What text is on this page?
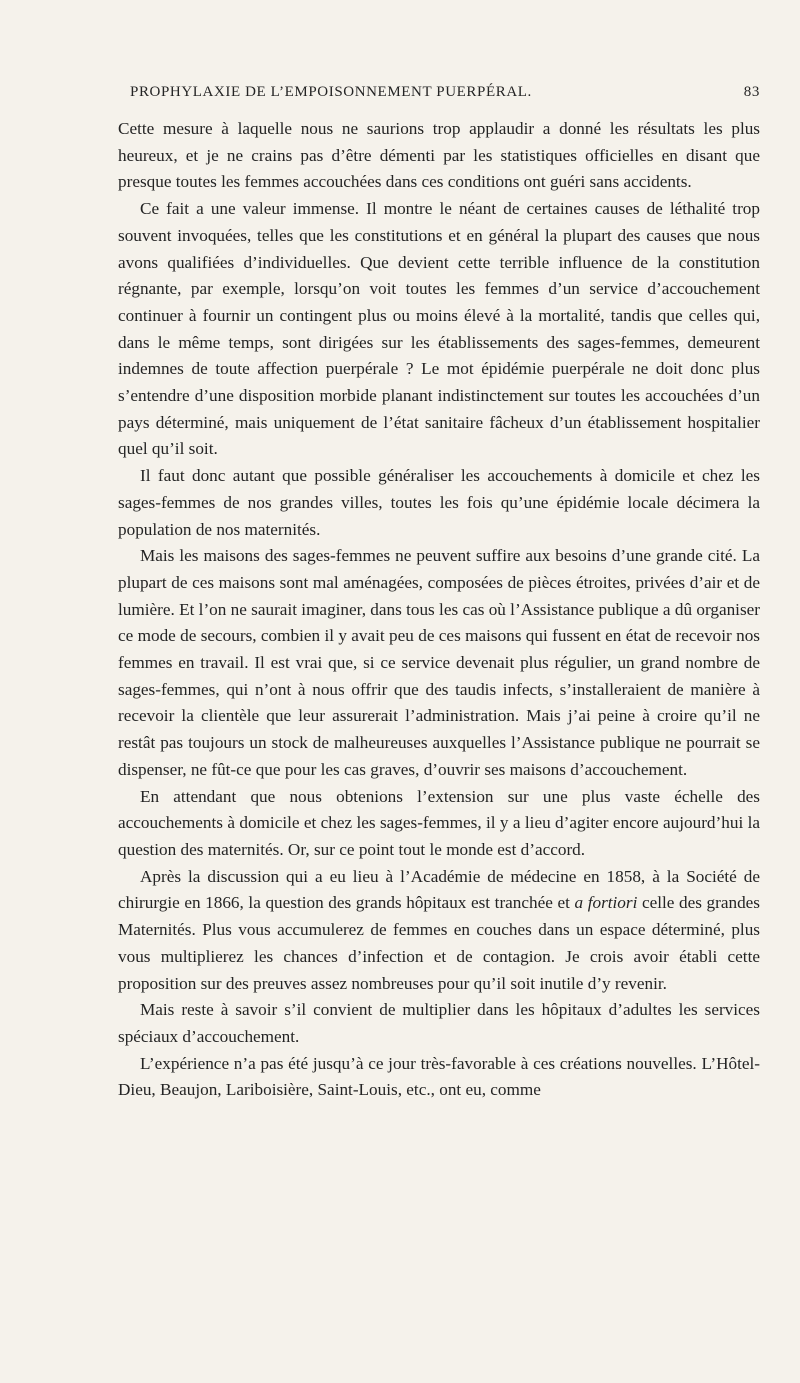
PROPHYLAXIE DE L’EMPOISONNEMENT PUERPÉRAL.	83

Cette mesure à laquelle nous ne saurions trop applaudir a donné les résultats les plus heureux, et je ne crains pas d’être démenti par les statistiques officielles en disant que presque toutes les femmes accouchées dans ces conditions ont guéri sans accidents.

Ce fait a une valeur immense. Il montre le néant de certaines causes de léthalité trop souvent invoquées, telles que les constitutions et en général la plupart des causes que nous avons qualifiées d’individuelles. Que devient cette terrible influence de la constitution régnante, par exemple, lorsqu’on voit toutes les femmes d’un service d’accouchement continuer à fournir un contingent plus ou moins élevé à la mortalité, tandis que celles qui, dans le même temps, sont dirigées sur les établissements des sages-femmes, demeurent indemnes de toute affection puerpérale ? Le mot épidémie puerpérale ne doit donc plus s’entendre d’une disposition morbide planant indistinctement sur toutes les accouchées d’un pays déterminé, mais uniquement de l’état sanitaire fâcheux d’un établissement hospitalier quel qu’il soit.

Il faut donc autant que possible généraliser les accouchements à domicile et chez les sages-femmes de nos grandes villes, toutes les fois qu’une épidémie locale décimera la population de nos maternités.

Mais les maisons des sages-femmes ne peuvent suffire aux besoins d’une grande cité. La plupart de ces maisons sont mal aménagées, composées de pièces étroites, privées d’air et de lumière. Et l’on ne saurait imaginer, dans tous les cas où l’Assistance publique a dû organiser ce mode de secours, combien il y avait peu de ces maisons qui fussent en état de recevoir nos femmes en travail. Il est vrai que, si ce service devenait plus régulier, un grand nombre de sages-femmes, qui n’ont à nous offrir que des taudis infects, s’installeraient de manière à recevoir la clientèle que leur assurerait l’administration. Mais j’ai peine à croire qu’il ne restât pas toujours un stock de malheureuses auxquelles l’Assistance publique ne pourrait se dispenser, ne fût-ce que pour les cas graves, d’ouvrir ses maisons d’accouchement.

En attendant que nous obtenions l’extension sur une plus vaste échelle des accouchements à domicile et chez les sages-femmes, il y a lieu d’agiter encore aujourd’hui la question des maternités. Or, sur ce point tout le monde est d’accord.

Après la discussion qui a eu lieu à l’Académie de médecine en 1858, à la Société de chirurgie en 1866, la question des grands hôpitaux est tranchée et a fortiori celle des grandes Maternités. Plus vous accumulerez de femmes en couches dans un espace déterminé, plus vous multiplierez les chances d’infection et de contagion. Je crois avoir établi cette proposition sur des preuves assez nombreuses pour qu’il soit inutile d’y revenir.

Mais reste à savoir s’il convient de multiplier dans les hôpitaux d’adultes les services spéciaux d’accouchement.

L’expérience n’a pas été jusqu’à ce jour très-favorable à ces créations nouvelles. L’Hôtel-Dieu, Beaujon, Lariboisière, Saint-Louis, etc., ont eu, comme
